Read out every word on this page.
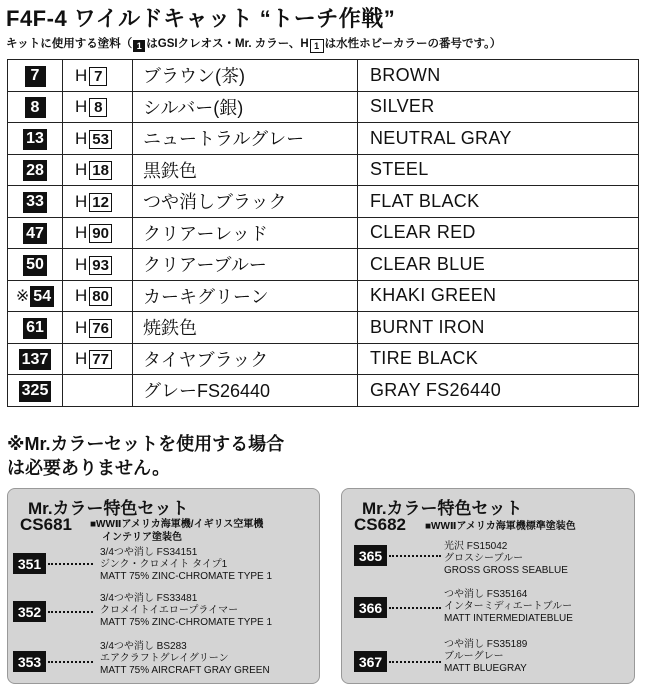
F4F-4 ワイルドキャット “トーチ作戦”
キットに使用する塗料（ 1 はGSIクレオス・Mr. カラー、H 1 は水性ホビーカラーの番号です。）
7	H 7	ブラウン(茶)	BROWN
8	H 8	シルバー(銀)	SILVER
13	H 53	ニュートラルグレー	NEUTRAL GRAY
28	H 18	黒鉄色	STEEL
33	H 12	つや消しブラック	FLAT BLACK
47	H 90	クリアーレッド	CLEAR RED
50	H 93	クリアーブルー	CLEAR BLUE
※ 54	H 80	カーキグリーン	KHAKI GREEN
61	H 76	焼鉄色	BURNT IRON
137	H 77	タイヤブラック	TIRE BLACK
325		グレーFS26440	GRAY FS26440
※Mr.カラーセットを使用する場合
は必要ありません。
Mr.カラー特色セット
CS681 ■WWⅡアメリカ海軍機/イギリス空軍機
インテリア塗装色
351
3/4つや消し FS34151
ジンク・クロメイト タイプ1
MATT 75% ZINC-CHROMATE TYPE 1
352
3/4つや消し FS33481
クロメイトイエロープライマー
MATT 75% ZINC-CHROMATE TYPE 1
353
3/4つや消し BS283
エアクラフトグレイグリーン
MATT 75% AIRCRAFT GRAY GREEN
Mr.カラー特色セット
CS682 ■WWⅡアメリカ海軍機標準塗装色
365
光沢 FS15042
グロスシーブルー
GROSS GROSS SEABLUE
366
つや消し FS35164
インターミディエートブルー
MATT INTERMEDIATEBLUE
367
つや消し FS35189
ブルーグレー
MATT BLUEGRAY
